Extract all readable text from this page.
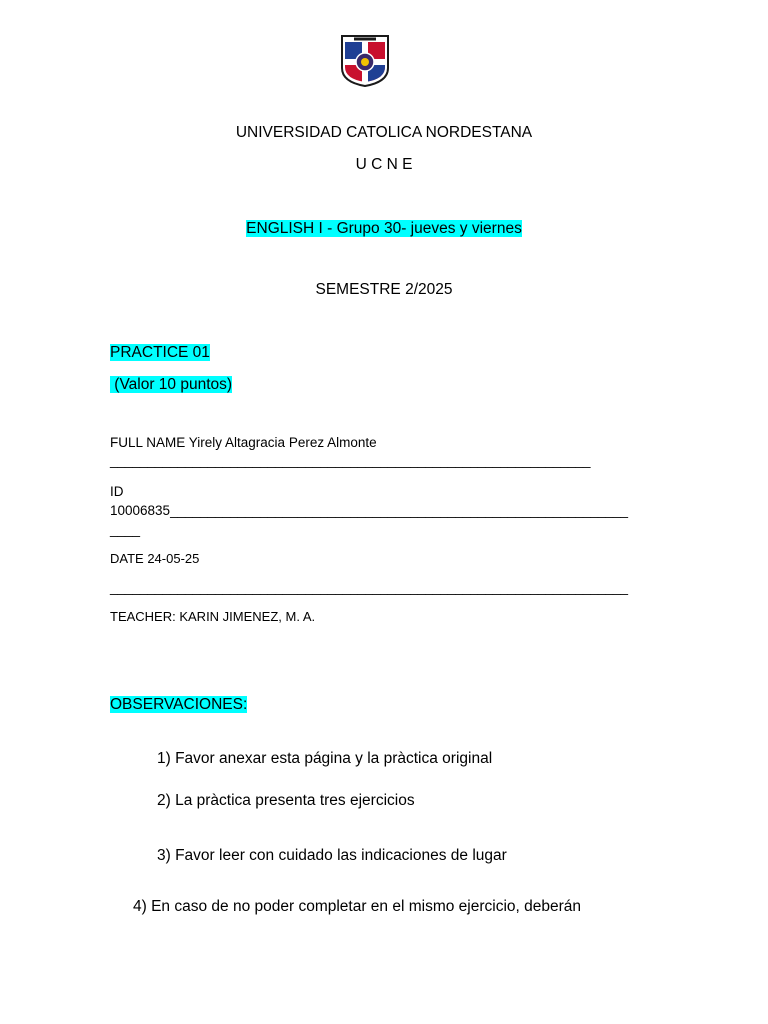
UNIVERSIDAD CATOLICA NORDESTANA
U C N E
ENGLISH I - Grupo 30- jueves y viernes
SEMESTRE 2/2025
PRACTICE 01
(Valor 10 puntos)
FULL NAME Yirely Altagracia Perez Almonte
________________________________________________________________
ID
10006835_____________________________________________________________
____
DATE 24-05-25
_____________________________________________________________________
TEACHER: KARIN JIMENEZ, M. A.
OBSERVACIONES:
1) Favor anexar esta página y la pràctica original
2) La pràctica presenta tres ejercicios
3) Favor leer con cuidado las indicaciones de lugar
4) En caso de no poder completar en el mismo ejercicio, deberán
